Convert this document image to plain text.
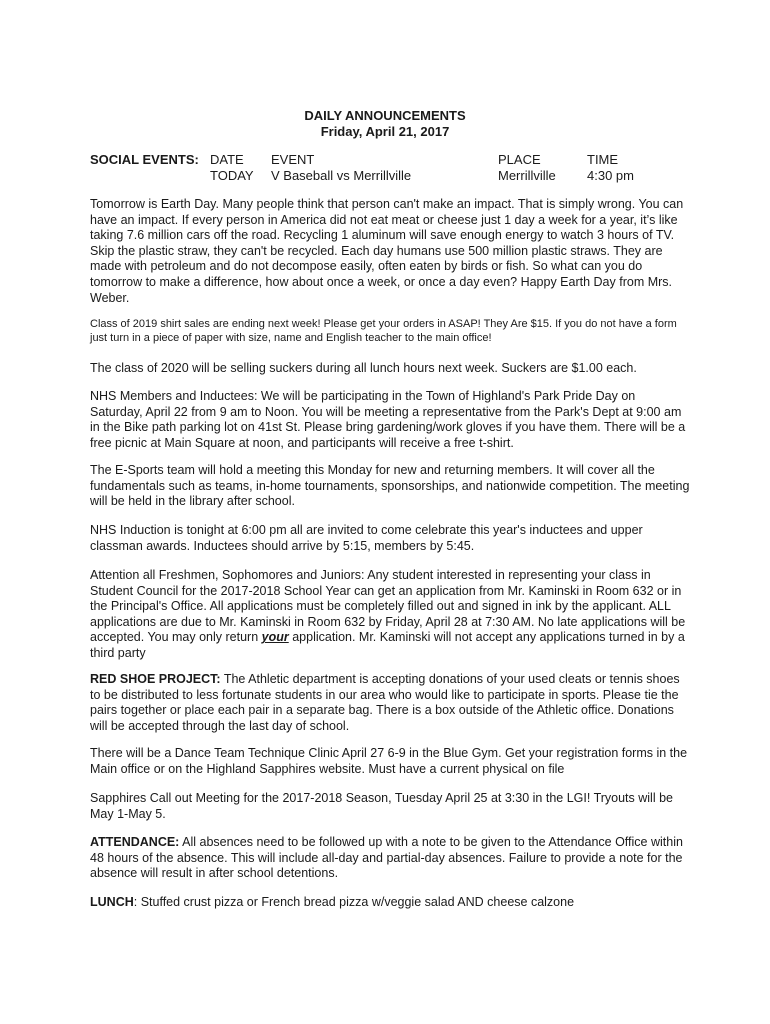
DAILY ANNOUNCEMENTS
Friday, April 21, 2017
SOCIAL EVENTS: DATE EVENT	PLACE	TIME
TODAY V Baseball vs Merrillville	Merrillville 4:30 pm

Tomorrow is Earth Day. Many people think that person can't make an impact. That is simply wrong. You can have an impact. If every person in America did not eat meat or cheese just 1 day a week for a year, it’s like taking 7.6 million cars off the road. Recycling 1 aluminum will save enough energy to watch 3 hours of TV. Skip the plastic straw, they can't be recycled. Each day humans use 500 million plastic straws. They are made with petroleum and do not decompose easily, often eaten by birds or fish. So what can you do tomorrow to make a difference, how about once a week, or once a day even? Happy Earth Day from Mrs. Weber.

Class of 2019 shirt sales are ending next week! Please get your orders in ASAP! They Are $15. If you do not have a form just turn in a piece of paper with size, name and English teacher to the main office!

The class of 2020 will be selling suckers during all lunch hours next week. Suckers are $1.00 each.

NHS Members and Inductees: We will be participating in the Town of Highland's Park Pride Day on Saturday, April 22 from 9 am to Noon. You will be meeting a representative from the Park's Dept at 9:00 am in the Bike path parking lot on 41st St. Please bring gardening/work gloves if you have them. There will be a free picnic at Main Square at noon, and participants will receive a free t-shirt.

The E-Sports team will hold a meeting this Monday for new and returning members. It will cover all the fundamentals such as teams, in-home tournaments, sponsorships, and nationwide competition. The meeting will be held in the library after school.

NHS Induction is tonight at 6:00 pm all are invited to come celebrate this year's inductees and upper classman awards. Inductees should arrive by 5:15, members by 5:45.

Attention all Freshmen, Sophomores and Juniors: Any student interested in representing your class in Student Council for the 2017-2018 School Year can get an application from Mr. Kaminski in Room 632 or in the Principal's Office. All applications must be completely filled out and signed in ink by the applicant. ALL applications are due to Mr. Kaminski in Room 632 by Friday, April 28 at 7:30 AM. No late applications will be accepted. You may only return your application. Mr. Kaminski will not accept any applications turned in by a third party

RED SHOE PROJECT: The Athletic department is accepting donations of your used cleats or tennis shoes to be distributed to less fortunate students in our area who would like to participate in sports. Please tie the pairs together or place each pair in a separate bag. There is a box outside of the Athletic office. Donations will be accepted through the last day of school.

There will be a Dance Team Technique Clinic April 27 6-9 in the Blue Gym. Get your registration forms in the Main office or on the Highland Sapphires website. Must have a current physical on file

Sapphires Call out Meeting for the 2017-2018 Season, Tuesday April 25 at 3:30 in the LGI! Tryouts will be May 1-May 5.

ATTENDANCE: All absences need to be followed up with a note to be given to the Attendance Office within 48 hours of the absence. This will include all-day and partial-day absences. Failure to provide a note for the absence will result in after school detentions.

LUNCH: Stuffed crust pizza or French bread pizza w/veggie salad AND cheese calzone
